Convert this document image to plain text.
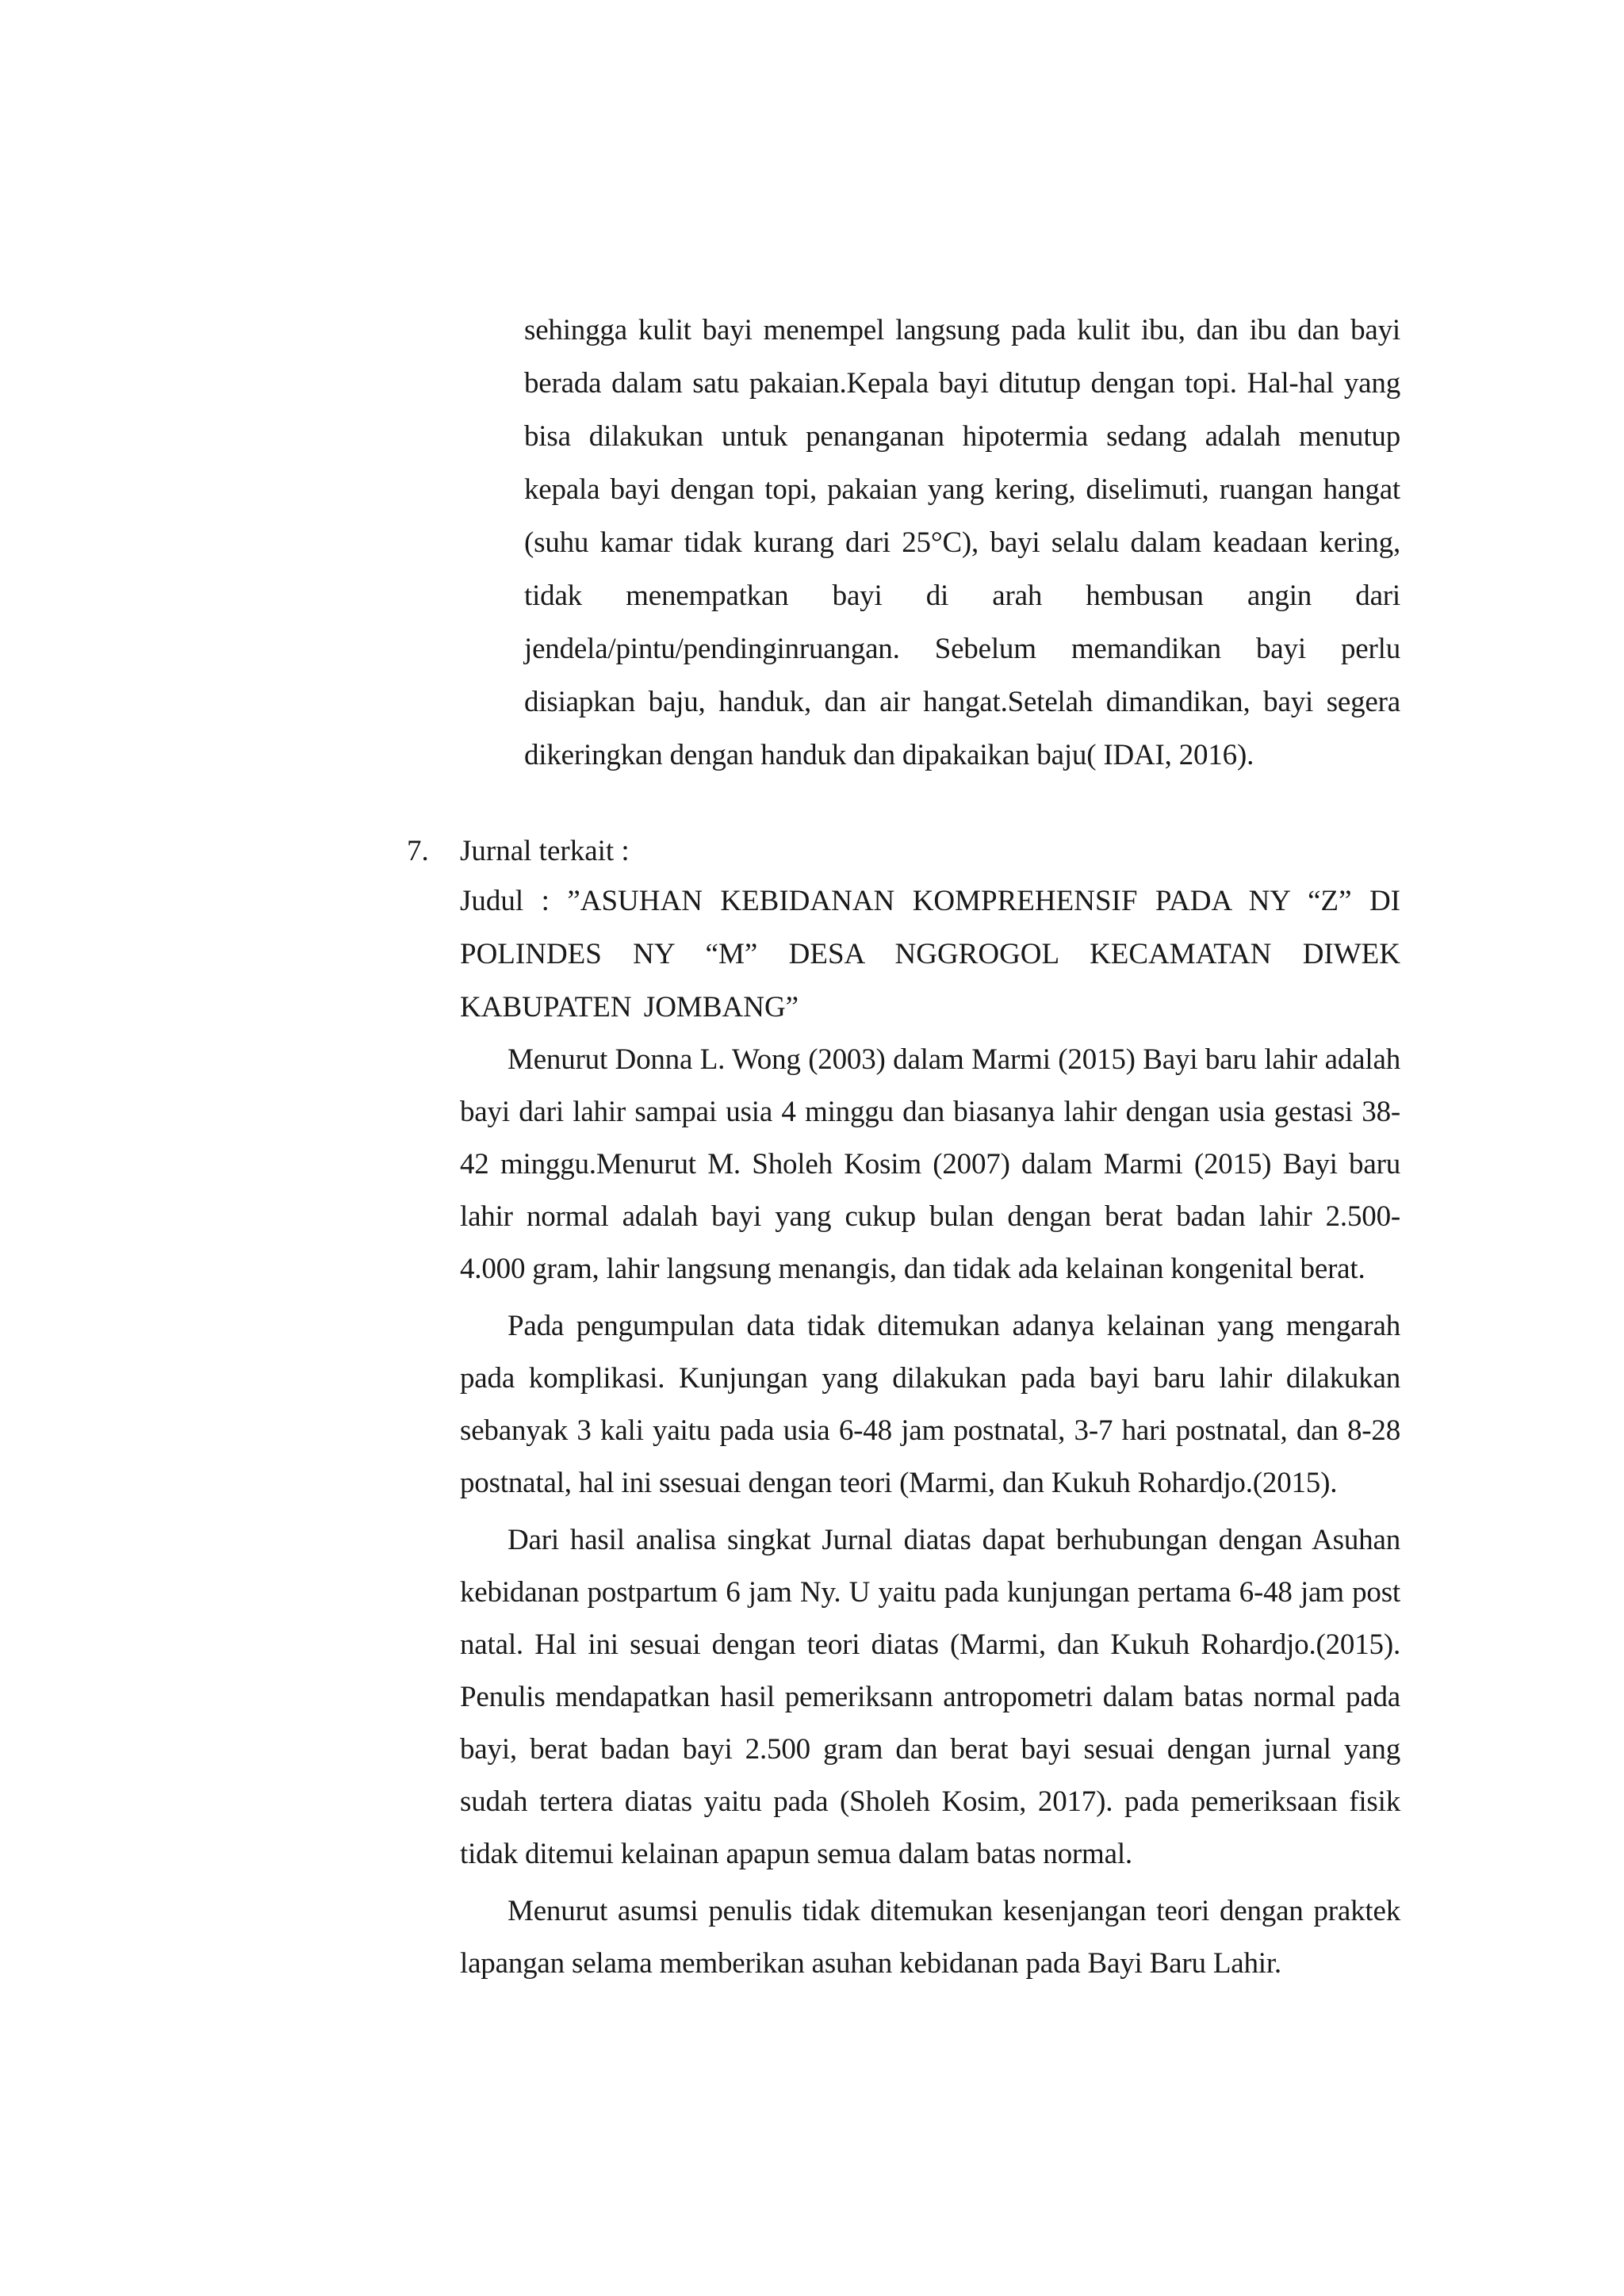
sehingga kulit bayi menempel langsung pada kulit ibu, dan ibu dan bayi berada dalam satu pakaian.Kepala bayi ditutup dengan topi. Hal-hal yang bisa dilakukan untuk penanganan hipotermia sedang adalah menutup kepala bayi dengan topi, pakaian yang kering, diselimuti, ruangan hangat (suhu kamar tidak kurang dari 25°C), bayi selalu dalam keadaan kering, tidak menempatkan bayi di arah hembusan angin dari jendela/pintu/pendinginruangan. Sebelum memandikan bayi perlu disiapkan baju, handuk, dan air hangat.Setelah dimandikan, bayi segera dikeringkan dengan handuk dan dipakaikan baju( IDAI, 2016).

7. Jurnal terkait :

Judul : ”ASUHAN KEBIDANAN KOMPREHENSIF PADA NY “Z” DI POLINDES NY “M” DESA NGGROGOL KECAMATAN DIWEK KABUPATEN JOMBANG”

Menurut Donna L. Wong (2003) dalam Marmi (2015) Bayi baru lahir adalah bayi dari lahir sampai usia 4 minggu dan biasanya lahir dengan usia gestasi 38-42 minggu.Menurut M. Sholeh Kosim (2007) dalam Marmi (2015) Bayi baru lahir normal adalah bayi yang cukup bulan dengan berat badan lahir 2.500- 4.000 gram, lahir langsung menangis, dan tidak ada kelainan kongenital berat.

Pada pengumpulan data tidak ditemukan adanya kelainan yang mengarah pada komplikasi. Kunjungan yang dilakukan pada bayi baru lahir dilakukan sebanyak 3 kali yaitu pada usia 6-48 jam postnatal, 3-7 hari postnatal, dan 8-28 postnatal, hal ini ssesuai dengan teori (Marmi, dan Kukuh Rohardjo.(2015).

Dari hasil analisa singkat Jurnal diatas dapat berhubungan dengan Asuhan kebidanan postpartum 6 jam Ny. U yaitu pada kunjungan pertama 6-48 jam post natal. Hal ini sesuai dengan teori diatas (Marmi, dan Kukuh Rohardjo.(2015). Penulis mendapatkan hasil pemeriksann antropometri dalam batas normal pada bayi, berat badan bayi 2.500 gram dan berat bayi sesuai dengan jurnal yang sudah tertera diatas yaitu pada (Sholeh Kosim, 2017). pada pemeriksaan fisik tidak ditemui kelainan apapun semua dalam batas normal.

Menurut asumsi penulis tidak ditemukan kesenjangan teori dengan praktek lapangan selama memberikan asuhan kebidanan pada Bayi Baru Lahir.
